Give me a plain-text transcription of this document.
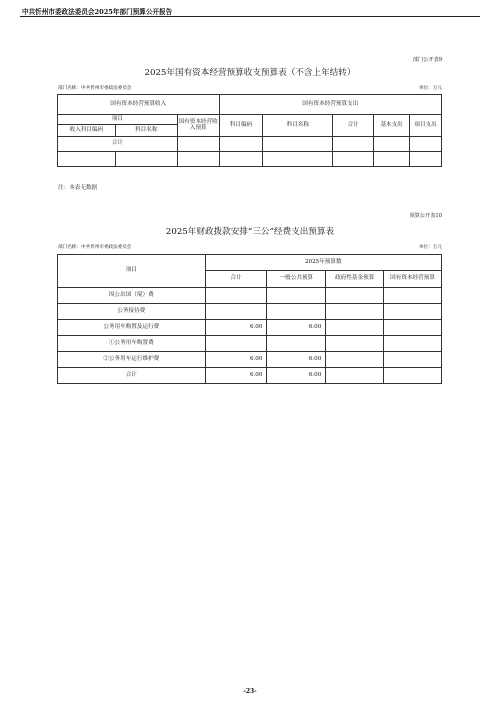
中共忻州市委政法委员会2025年部门预算公开报告
部门公开表9
2025年国有资本经营预算收支预算表（不含上年结转）
部门名称：中共忻州市委政法委员会	单位：万元
国有资本经营预算收入			国有资本经营预算支出				
项目		国有资本经营收入预算	科目编码	科目名称	合计	基本支出	项目支出
收入科目编码	科目名称						
合计							

注：本表无数据
预算公开表10
2025年财政拨款安排“三公”经费支出预算表
部门名称：中共忻州市委政法委员会	单位：万元
项目	2025年预算数			
	合计	一般公共预算	政府性基金预算	国有资本经营预算
因公出国（境）费				
公务接待费				
公务用车购置及运行费	6.00	6.00		
①公务用车购置费				
②公务用车运行维护费	6.00	6.00		
合计	6.00	6.00		
-23-
